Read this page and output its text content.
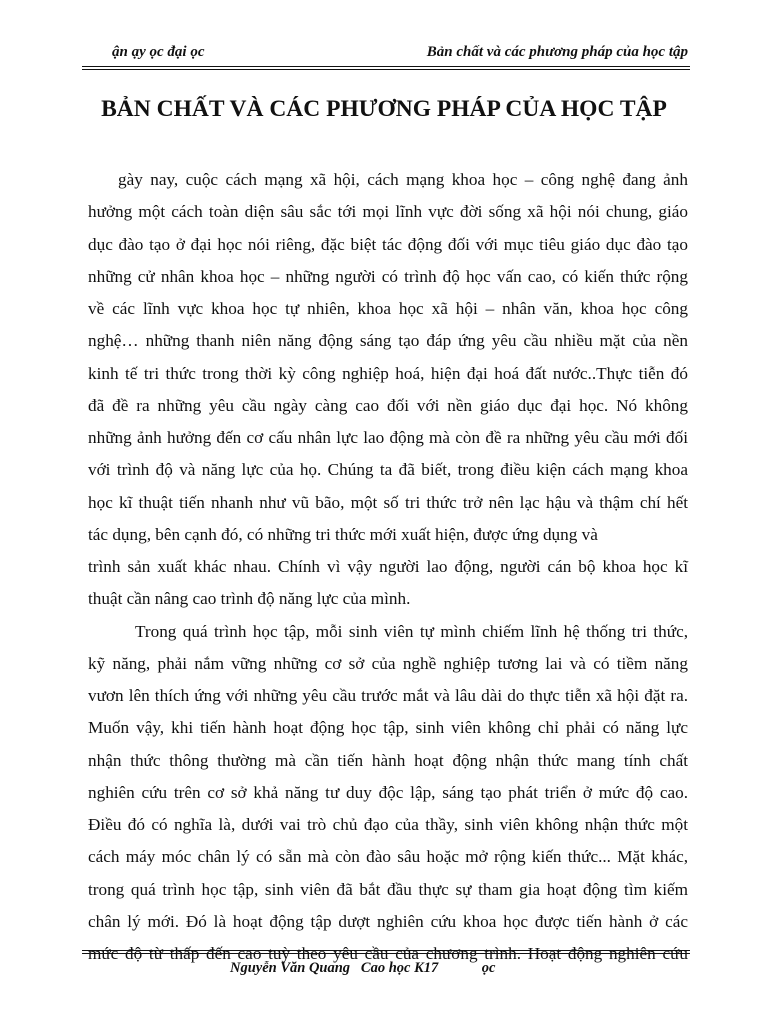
ận ạy ọc đại ọc	Bản chất và các phương pháp của học tập
BẢN CHẤT VÀ CÁC PHƯƠNG PHÁP CỦA HỌC TẬP
gày nay, cuộc cách mạng xã hội, cách mạng khoa học – công nghệ đang ảnh
hưởng một cách toàn diện sâu sắc tới mọi lĩnh vực đời sống xã hội nói chung, giáo
dục đào tạo ở đại học nói riêng, đặc biệt tác động đối với mục tiêu giáo dục đào tạo
những cử nhân khoa học – những người có trình độ học vấn cao, có kiến thức rộng
về các lĩnh vực khoa học tự nhiên, khoa học xã hội – nhân văn, khoa học công
nghệ… những thanh niên năng động sáng tạo đáp ứng yêu cầu nhiều mặt của nền
kinh tế tri thức trong thời kỳ công nghiệp hoá, hiện đại hoá đất nước..Thực tiễn đó
đã đề ra những yêu cầu ngày càng cao đối với nền giáo dục đại học. Nó không
những ảnh hưởng đến cơ cấu nhân lực lao động mà còn đề ra những yêu cầu mới đối
với trình độ và năng lực của họ. Chúng ta đã biết, trong điều kiện cách mạng khoa
học kĩ thuật tiến nhanh như vũ bão, một số tri thức trở nên lạc hậu và thậm chí hết
tác dụng, bên cạnh đó, có những tri thức mới xuất hiện, được ứng dụng và
trình sản xuất khác nhau. Chính vì vậy người lao động, người cán bộ khoa học kĩ
thuật cần nâng cao trình độ năng lực của mình.
Trong quá trình học tập, mỗi sinh viên tự mình chiếm lĩnh hệ thống tri thức,
kỹ năng, phải nắm vững những cơ sở của nghề nghiệp tương lai và có tiềm năng
vươn lên thích ứng với những yêu cầu trước mắt và lâu dài do thực tiễn xã hội đặt ra.
Muốn vậy, khi tiến hành hoạt động học tập, sinh viên không chỉ phải có năng lực
nhận thức thông thường mà cần tiến hành hoạt động nhận thức mang tính chất
nghiên cứu trên cơ sở khả năng tư duy độc lập, sáng tạo phát triển ở mức độ cao.
Điều đó có nghĩa là, dưới vai trò chủ đạo của thầy, sinh viên không nhận thức một
cách máy móc chân lý có sẵn mà còn đào sâu hoặc mở rộng kiến thức... Mặt khác,
trong quá trình học tập, sinh viên đã bắt đầu thực sự tham gia hoạt động tìm kiếm
chân lý mới. Đó là hoạt động tập dượt nghiên cứu khoa học được tiến hành ở các
mức độ từ thấp đến cao tuỳ theo yêu cầu của chương trình. Hoạt động nghiên cứu
Nguyễn Văn Quang   Cao học K17            ọc
